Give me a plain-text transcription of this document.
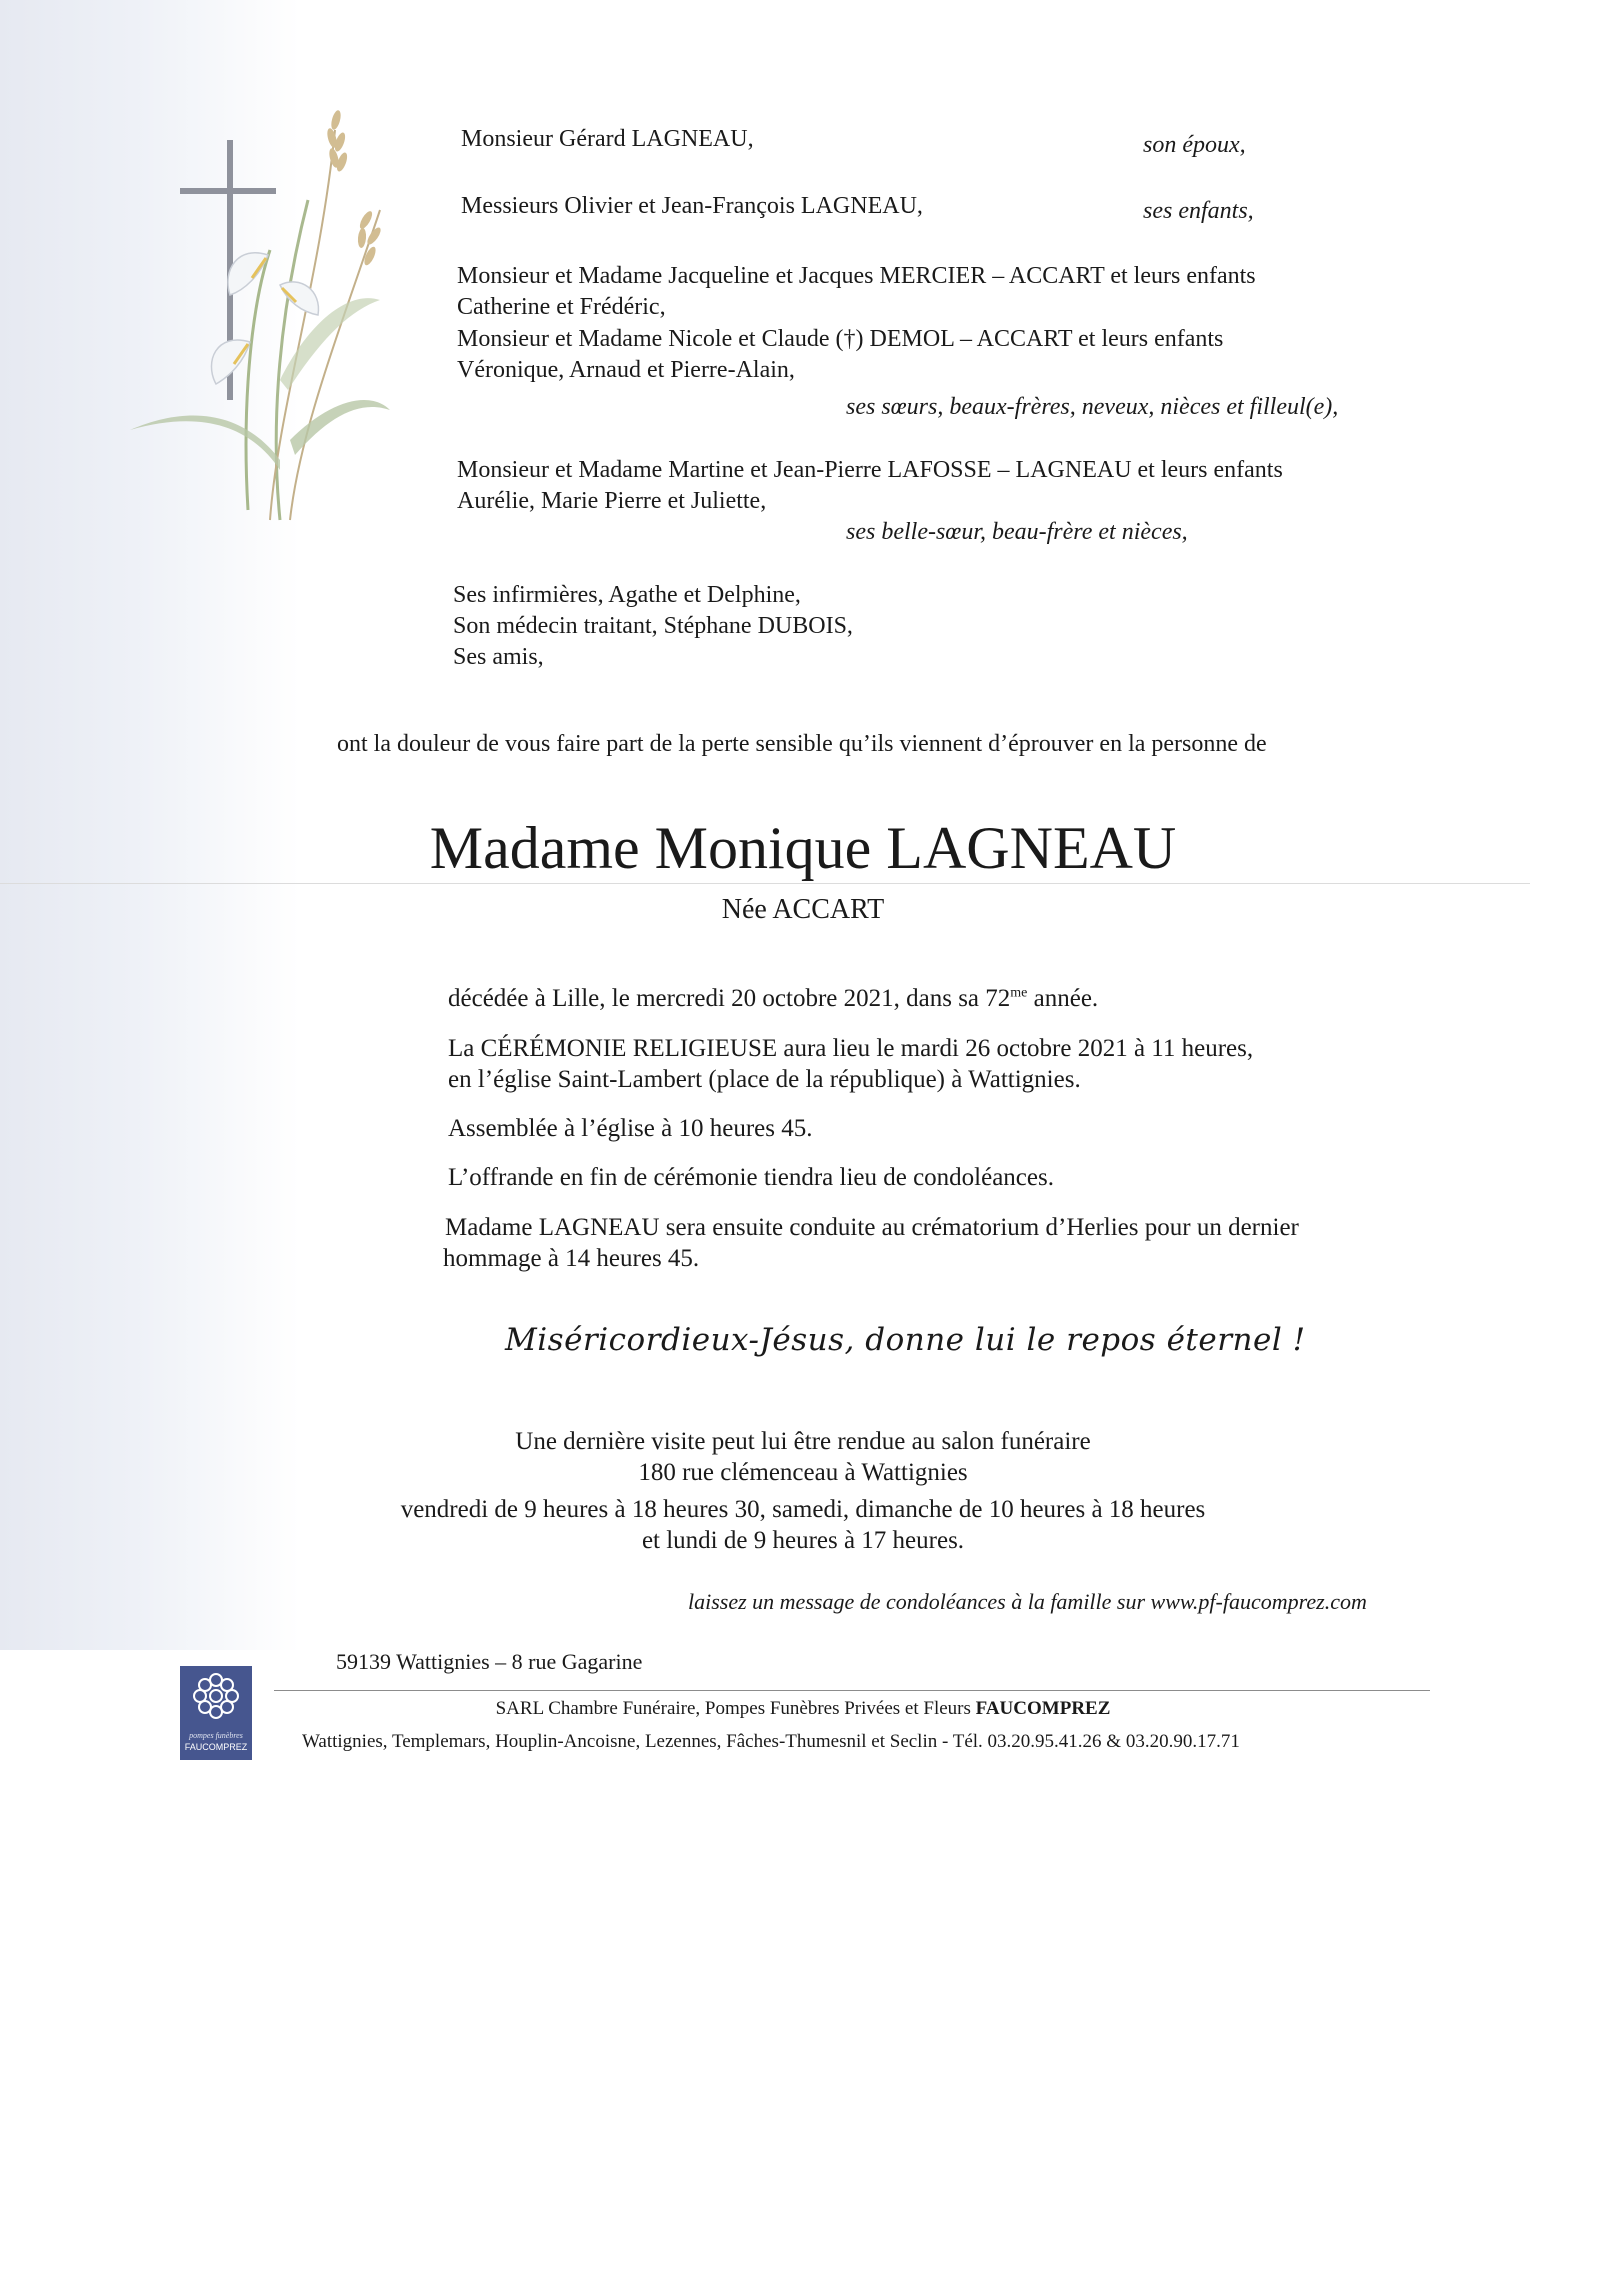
Monsieur Gérard LAGNEAU,	son époux,
Messieurs Olivier et Jean-François LAGNEAU,	ses enfants,
Monsieur et Madame Jacqueline et Jacques MERCIER – ACCART et leurs enfants
Catherine et Frédéric,
Monsieur et Madame Nicole et Claude (†) DEMOL – ACCART et leurs enfants
Véronique, Arnaud et Pierre-Alain,
ses sœurs, beaux-frères, neveux, nièces et filleul(e),
Monsieur et Madame Martine et Jean-Pierre LAFOSSE – LAGNEAU et leurs enfants
Aurélie, Marie Pierre et Juliette,
ses belle-sœur, beau-frère et nièces,
Ses infirmières, Agathe et Delphine,
Son médecin traitant, Stéphane DUBOIS,
Ses amis,
ont la douleur de vous faire part de la perte sensible qu’ils viennent d’éprouver en la personne de
Madame Monique LAGNEAU
Née ACCART
décédée à Lille, le mercredi 20 octobre 2021, dans sa $72^{me}$ année.
La CÉRÉMONIE RELIGIEUSE aura lieu le mardi 26 octobre 2021 à 11 heures,
en l’église Saint-Lambert (place de la république) à Wattignies.
Assemblée à l’église à 10 heures 45.
L’offrande en fin de cérémonie tiendra lieu de condoléances.
Madame LAGNEAU sera ensuite conduite au crématorium d’Herlies pour un dernier
hommage à 14 heures 45.
Miséricordieux-Jésus, donne lui le repos éternel !
Une dernière visite peut lui être rendue au salon funéraire
180 rue clémenceau à Wattignies
vendredi de 9 heures à 18 heures 30, samedi, dimanche de 10 heures à 18 heures
et lundi de 9 heures à 17 heures.
laissez un message de condoléances à la famille sur www.pf-faucomprez.com
pompes funèbres
FAUCOMPREZ
59139 Wattignies – 8 rue Gagarine
SARL Chambre Funéraire, Pompes Funèbres Privées et Fleurs FAUCOMPREZ
Wattignies, Templemars, Houplin-Ancoisne, Lezennes, Fâches-Thumesnil et Seclin - Tél. 03.20.95.41.26 & 03.20.90.17.71
